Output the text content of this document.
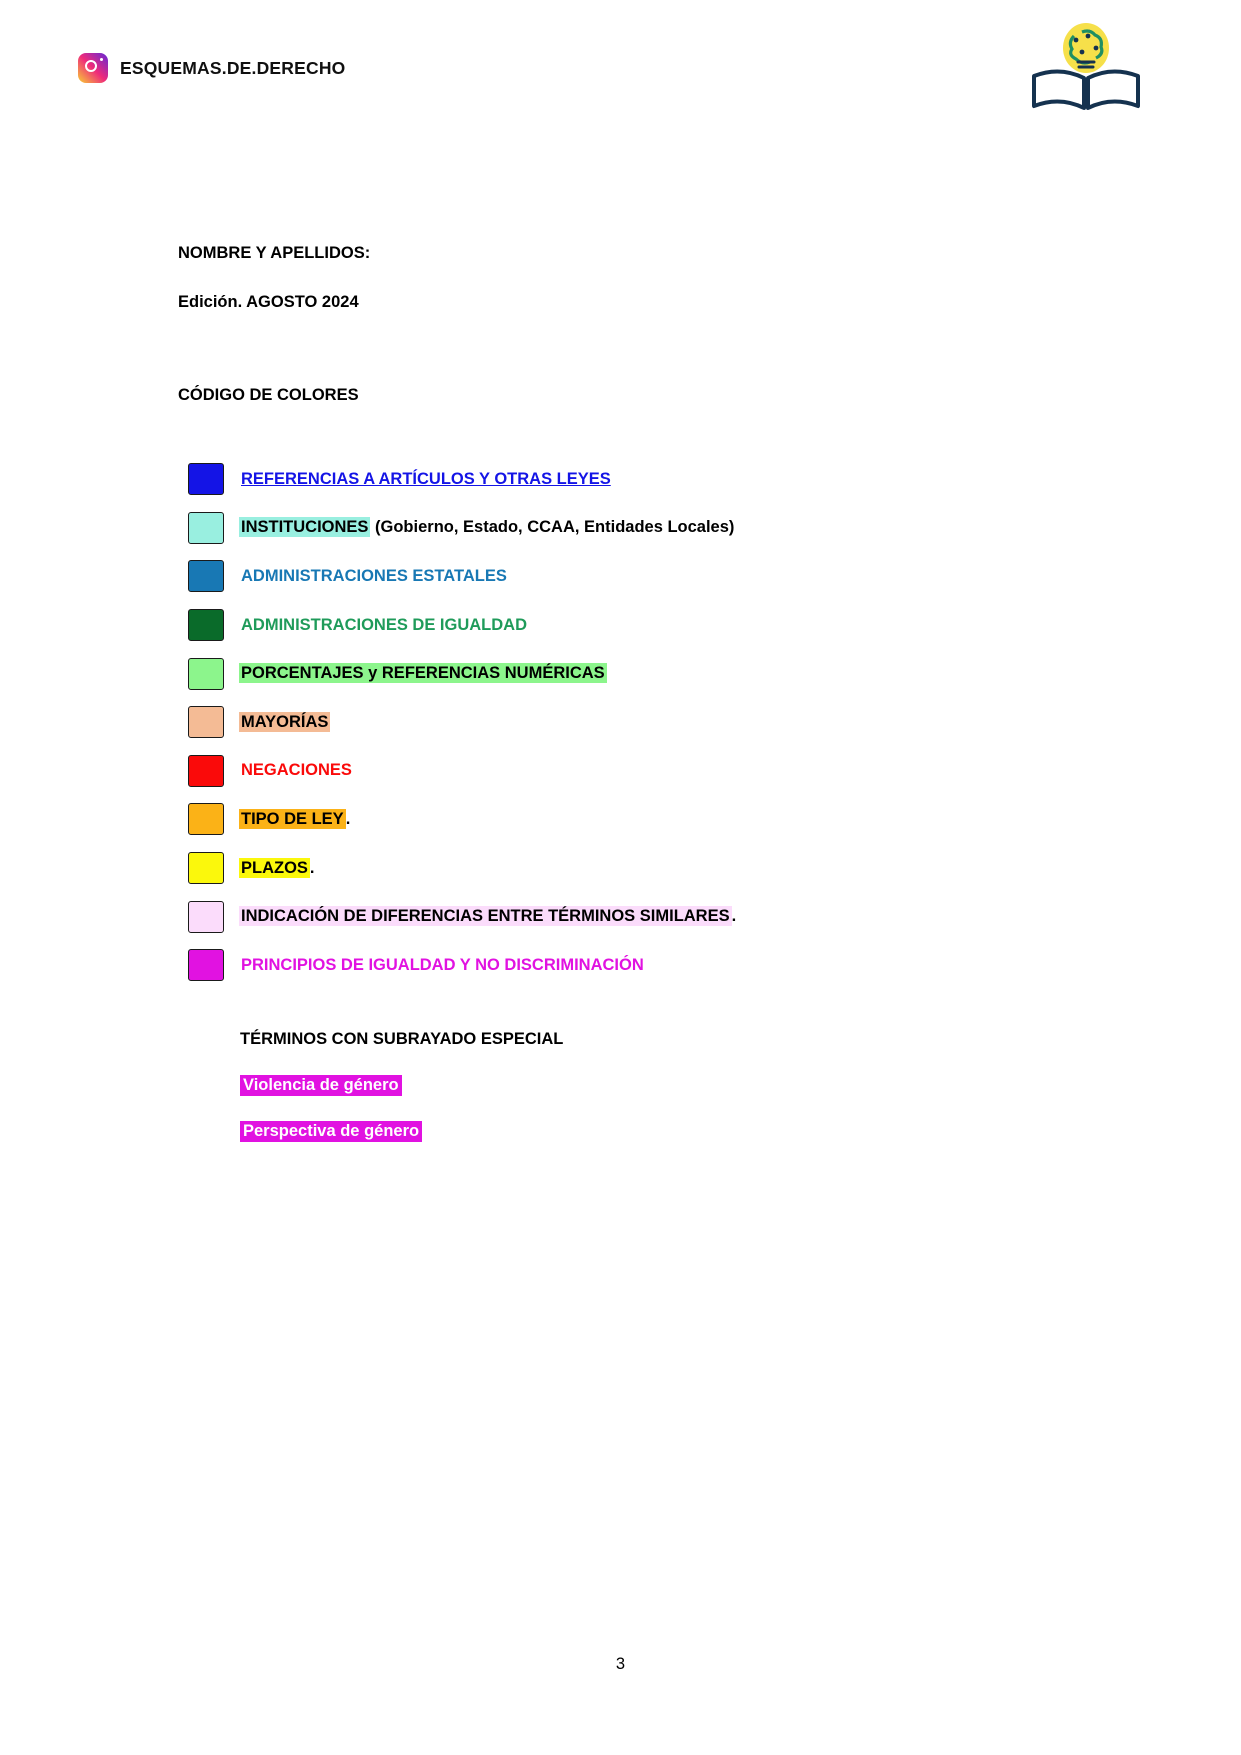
ESQUEMAS.DE.DERECHO
NOMBRE Y APELLIDOS:
Edición. AGOSTO 2024
CÓDIGO DE COLORES
REFERENCIAS A ARTÍCULOS Y OTRAS LEYES
INSTITUCIONES (Gobierno, Estado, CCAA, Entidades Locales)
ADMINISTRACIONES ESTATALES
ADMINISTRACIONES DE IGUALDAD
PORCENTAJES y REFERENCIAS NUMÉRICAS
MAYORÍAS
NEGACIONES
TIPO DE LEY .
PLAZOS .
INDICACIÓN DE DIFERENCIAS ENTRE TÉRMINOS SIMILARES .
PRINCIPIOS DE IGUALDAD Y NO DISCRIMINACIÓN
TÉRMINOS CON SUBRAYADO ESPECIAL
Violencia de género
Perspectiva de género
3
